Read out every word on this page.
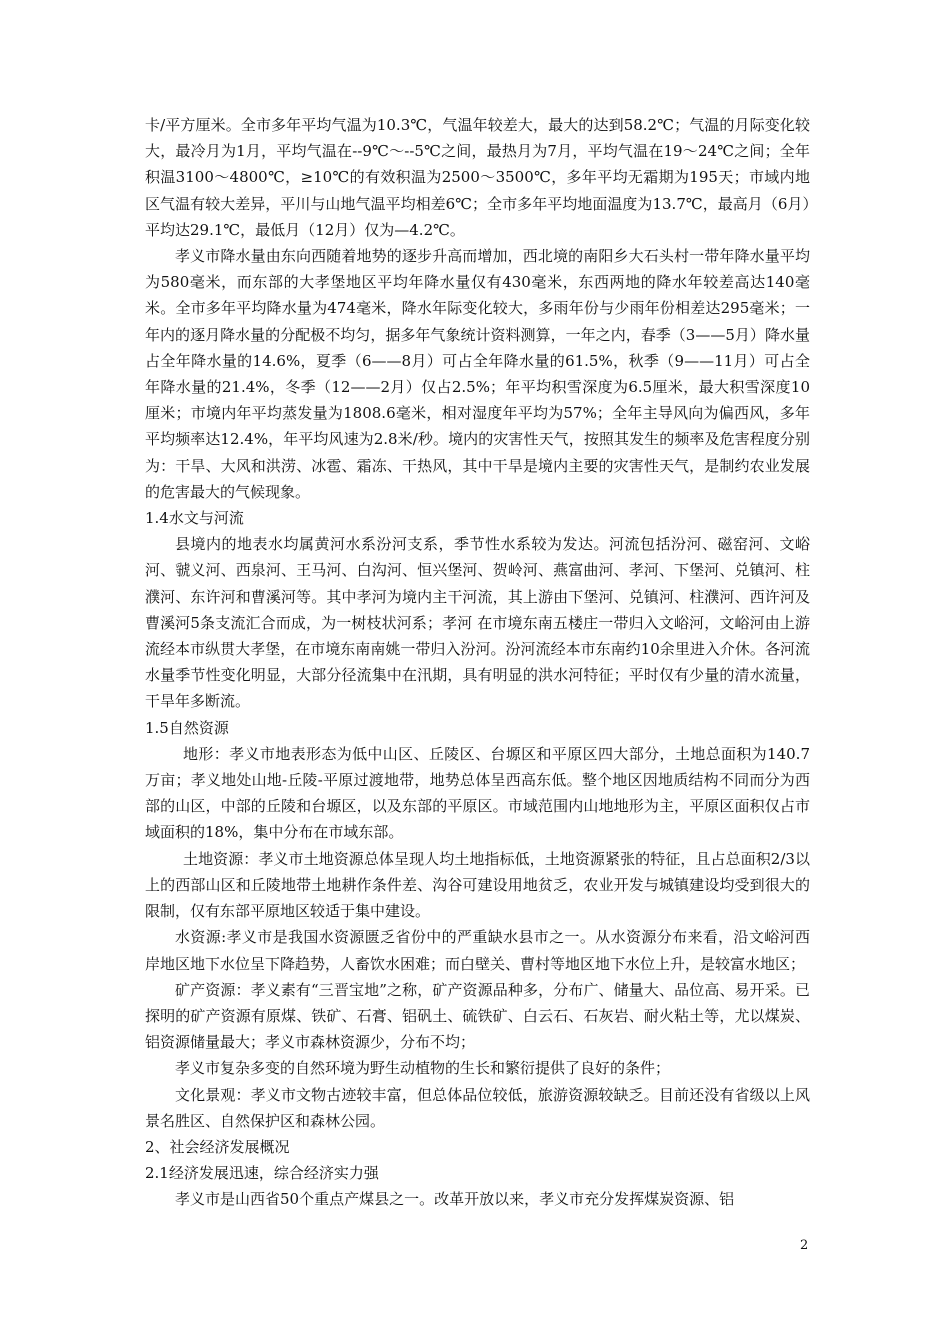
卡/平方厘米。全市多年平均气温为10.3℃，气温年较差大，最大的达到58.2℃；气温的月际变化较大，最冷月为1月，平均气温在--9℃～--5℃之间，最热月为7月，平均气温在19～24℃之间；全年积温3100～4800℃，≥10℃的有效积温为2500～3500℃，多年平均无霜期为195天；市域内地区气温有较大差异，平川与山地气温平均相差6℃；全市多年平均地面温度为13.7℃，最高月（6月）平均达29.1℃，最低月（12月）仅为—4.2℃。

孝义市降水量由东向西随着地势的逐步升高而增加，西北境的南阳乡大石头村一带年降水量平均为580毫米，而东部的大孝堡地区平均年降水量仅有430毫米，东西两地的降水年较差高达140毫米。全市多年平均降水量为474毫米，降水年际变化较大，多雨年份与少雨年份相差达295毫米；一年内的逐月降水量的分配极不均匀，据多年气象统计资料测算，一年之内，春季（3——5月）降水量占全年降水量的14.6%，夏季（6——8月）可占全年降水量的61.5%，秋季（9——11月）可占全年降水量的21.4%，冬季（12——2月）仅占2.5%；年平均积雪深度为6.5厘米，最大积雪深度10厘米；市境内年平均蒸发量为1808.6毫米，相对湿度年平均为57%；全年主导风向为偏西风，多年平均频率达12.4%，年平均风速为2.8米/秒。境内的灾害性天气，按照其发生的频率及危害程度分别为：干旱、大风和洪涝、冰雹、霜冻、干热风，其中干旱是境内主要的灾害性天气，是制约农业发展的危害最大的气候现象。

1.4水文与河流

县境内的地表水均属黄河水系汾河支系，季节性水系较为发达。河流包括汾河、磁窑河、文峪河、虢义河、西泉河、王马河、白沟河、恒兴堡河、贺岭河、燕富曲河、孝河、下堡河、兑镇河、柱濮河、东许河和曹溪河等。其中孝河为境内主干河流，其上游由下堡河、兑镇河、柱濮河、西许河及曹溪河5条支流汇合而成，为一树枝状河系；孝河 在市境东南五楼庄一带归入文峪河，文峪河由上游流经本市纵贯大孝堡，在市境东南南姚一带归入汾河。汾河流经本市东南约10余里进入介休。各河流水量季节性变化明显，大部分径流集中在汛期，具有明显的洪水河特征；平时仅有少量的清水流量，干旱年多断流。

1.5自然资源

地形：孝义市地表形态为低中山区、丘陵区、台塬区和平原区四大部分，土地总面积为140.7万亩；孝义地处山地-丘陵-平原过渡地带，地势总体呈西高东低。整个地区因地质结构不同而分为西部的山区，中部的丘陵和台塬区，以及东部的平原区。市域范围内山地地形为主，平原区面积仅占市域面积的18%，集中分布在市域东部。

土地资源：孝义市土地资源总体呈现人均土地指标低，土地资源紧张的特征，且占总面积2/3以上的西部山区和丘陵地带土地耕作条件差、沟谷可建设用地贫乏，农业开发与城镇建设均受到很大的限制，仅有东部平原地区较适于集中建设。

水资源:孝义市是我国水资源匮乏省份中的严重缺水县市之一。从水资源分布来看，沿文峪河西岸地区地下水位呈下降趋势，人畜饮水困难；而白壁关、曹村等地区地下水位上升，是较富水地区；

矿产资源：孝义素有“三晋宝地”之称，矿产资源品种多，分布广、储量大、品位高、易开采。已探明的矿产资源有原煤、铁矿、石膏、铝矾土、硫铁矿、白云石、石灰岩、耐火粘土等，尤以煤炭、铝资源储量最大；孝义市森林资源少，分布不均；

孝义市复杂多变的自然环境为野生动植物的生长和繁衍提供了良好的条件；

文化景观：孝义市文物古迹较丰富，但总体品位较低，旅游资源较缺乏。目前还没有省级以上风景名胜区、自然保护区和森林公园。

2、社会经济发展概况

2.1经济发展迅速，综合经济实力强

孝义市是山西省50个重点产煤县之一。改革开放以来，孝义市充分发挥煤炭资源、铝

2
